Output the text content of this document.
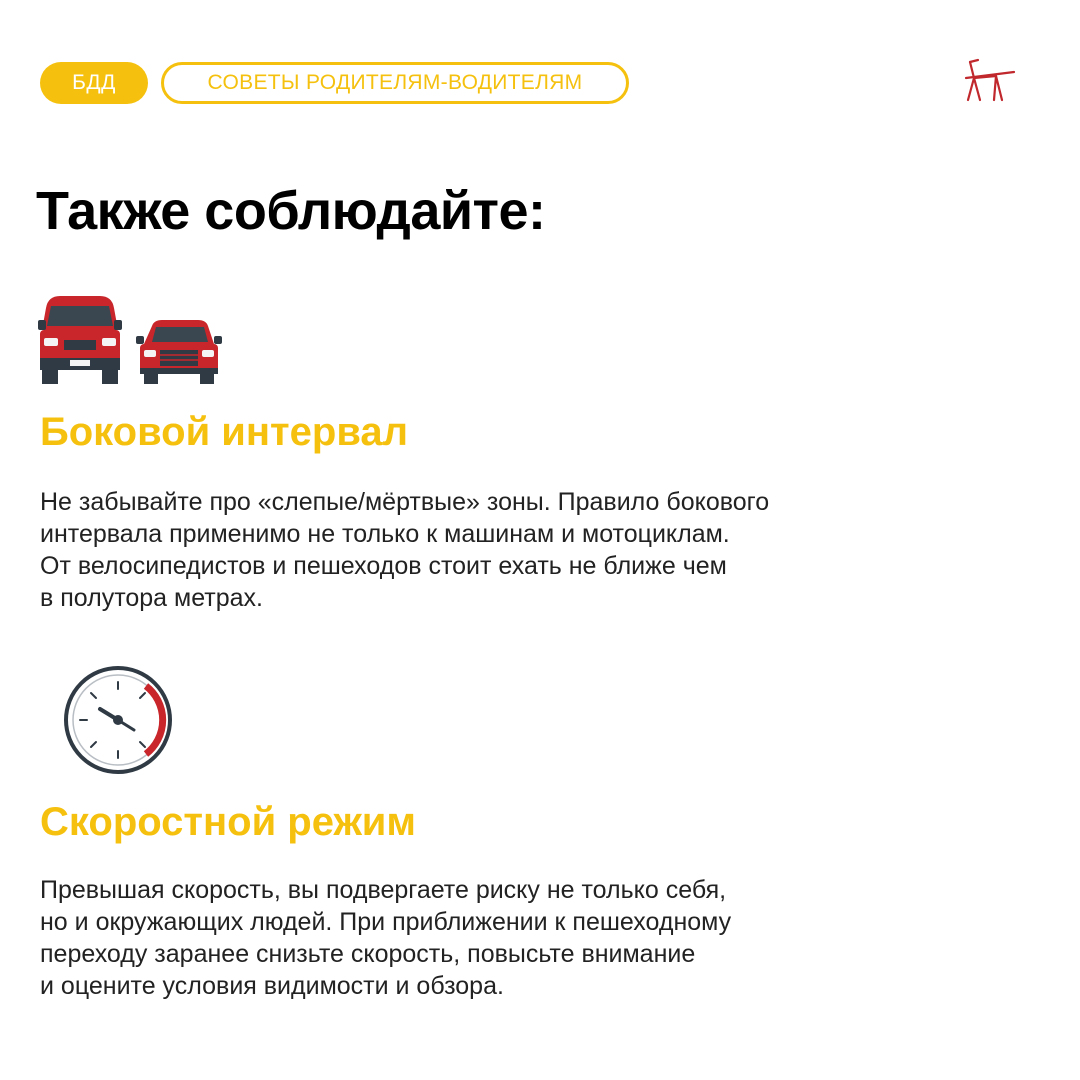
БДД	СОВЕТЫ РОДИТЕЛЯМ-ВОДИТЕЛЯМ
Также соблюдайте:
Боковой интервал
Не забывайте про «слепые/мёртвые» зоны. Правило бокового
интервала применимо не только к машинам и мотоциклам.
От велосипедистов и пешеходов стоит ехать не ближе чем
в полутора метрах.
Скоростной режим
Превышая скорость, вы подвергаете риску не только себя,
но и окружающих людей. При приближении к пешеходному
переходу заранее снизьте скорость, повысьте внимание
и оцените условия видимости и обзора.
